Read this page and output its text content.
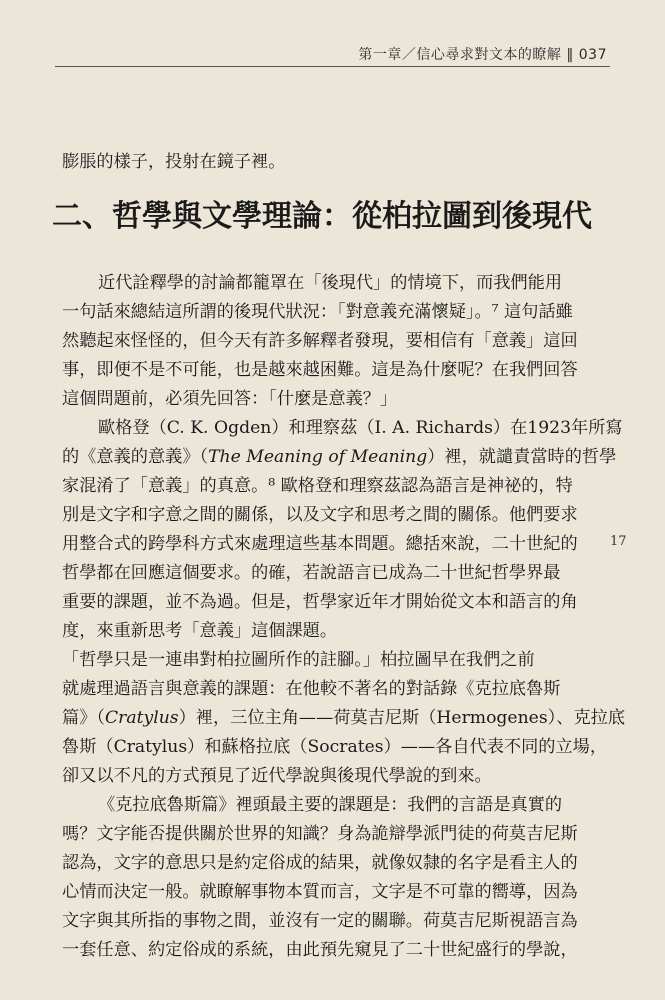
第一章／信心尋求對文本的瞭解 ‖ 037
17
膨脹的樣子，投射在鏡子裡。
二、哲學與文學理論：從柏拉圖到後現代
近代詮釋學的討論都籠罩在「後現代」的情境下，而我們能用
一句話來總結這所謂的後現代狀況：「對意義充滿懷疑」。⁷ 這句話雖
然聽起來怪怪的，但今天有許多解釋者發現，要相信有「意義」這回
事，即便不是不可能，也是越來越困難。這是為什麼呢？在我們回答
這個問題前，必須先回答：「什麼是意義？」
歐格登（C. K. Ogden）和理察茲（I. A. Richards）在1923年所寫
的《意義的意義》（The Meaning of Meaning）裡，就譴責當時的哲學
家混淆了「意義」的真意。⁸ 歐格登和理察茲認為語言是神祕的，特
別是文字和字意之間的關係，以及文字和思考之間的關係。他們要求
用整合式的跨學科方式來處理這些基本問題。總括來說，二十世紀的
哲學都在回應這個要求。的確，若說語言已成為二十世紀哲學界最
重要的課題，並不為過。但是，哲學家近年才開始從文本和語言的角
度，來重新思考「意義」這個課題。
「哲學只是一連串對柏拉圖所作的註腳。」柏拉圖早在我們之前
就處理過語言與意義的課題：在他較不著名的對話錄《克拉底魯斯
篇》（Cratylus）裡，三位主角——荷莫吉尼斯（Hermogenes）、克拉底
魯斯（Cratylus）和蘇格拉底（Socrates）——各自代表不同的立場，
卻又以不凡的方式預見了近代學說與後現代學說的到來。
《克拉底魯斯篇》裡頭最主要的課題是：我們的言語是真實的
嗎？文字能否提供關於世界的知識？身為詭辯學派門徒的荷莫吉尼斯
認為，文字的意思只是約定俗成的結果，就像奴隸的名字是看主人的
心情而決定一般。就瞭解事物本質而言，文字是不可靠的嚮導，因為
文字與其所指的事物之間，並沒有一定的關聯。荷莫吉尼斯視語言為
一套任意、約定俗成的系統，由此預先窺見了二十世紀盛行的學說，
